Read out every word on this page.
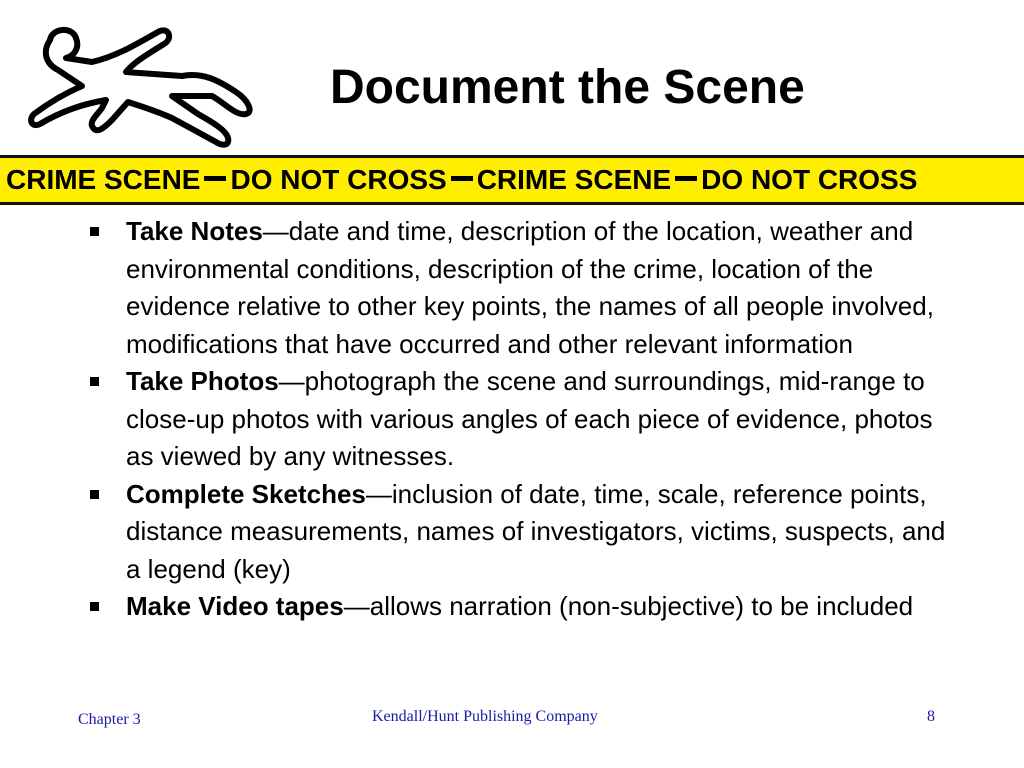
Document the Scene
CRIME SCENE DO NOT CROSS CRIME SCENE DO NOT CROSS
Take Notes—date and time, description of the location, weather and environmental conditions, description of the crime, location of the evidence relative to other key points, the names of all people involved, modifications that have occurred and other relevant information
Take Photos—photograph the scene and surroundings, mid-range to close-up photos with various angles of each piece of evidence, photos as viewed by any witnesses.
Complete Sketches—inclusion of date, time, scale, reference points, distance measurements, names of investigators, victims, suspects, and a legend (key)
Make Video tapes—allows narration (non-subjective) to be included
Chapter 3	Kendall/Hunt Publishing Company	8
